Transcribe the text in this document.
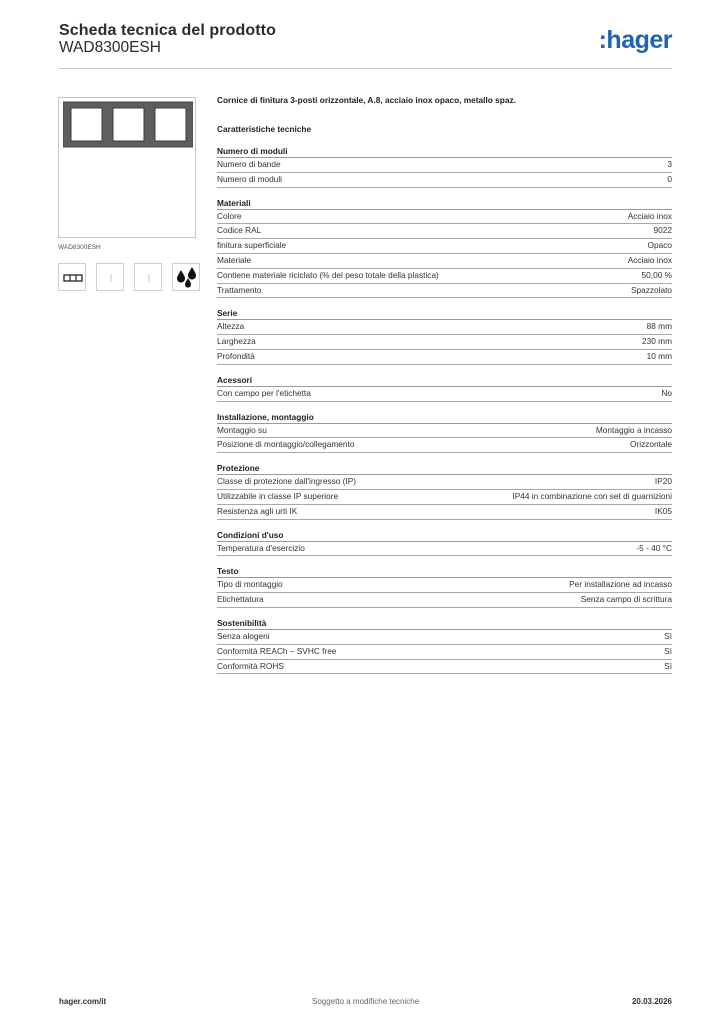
Scheda tecnica del prodotto
WAD8300ESH	:hager
WAD8300ESH
Cornice di finitura 3-posti orizzontale, A.8, acciaio inox opaco, metallo spaz.
Caratteristiche tecniche
Numero di moduli
Numero di bande	3
Numero di moduli	0
Materiali
Colore	Acciaio inox
Codice RAL	9022
finitura superficiale	Opaco
Materiale	Acciaio inox
Contiene materiale riciclato (% del peso totale della plastica)	50,00 %
Trattamento	Spazzolato
Serie
Altezza	88 mm
Larghezza	230 mm
Profondità	10 mm
Acessori
Con campo per l'etichetta	No
Installazione, montaggio
Montaggio su	Montaggio a incasso
Posizione di montaggio/collegamento	Orizzontale
Protezione
Classe di protezione dall'ingresso (IP)	IP20
Utilizzabile in classe IP superiore	IP44 in combinazione con set di guarnizioni
Resistenza agli urti IK	IK05
Condizioni d'uso
Temperatura d'esercizio	-5 - 40 °C
Testo
Tipo di montaggio	Per installazione ad incasso
Etichettatura	Senza campo di scrittura
Sostenibilità
Senza alogeni	Sì
Conformità REACh – SVHC free	Sì
Conformità ROHS	Sì
hager.com/it	Soggetto a modifiche tecniche	20.03.2026
